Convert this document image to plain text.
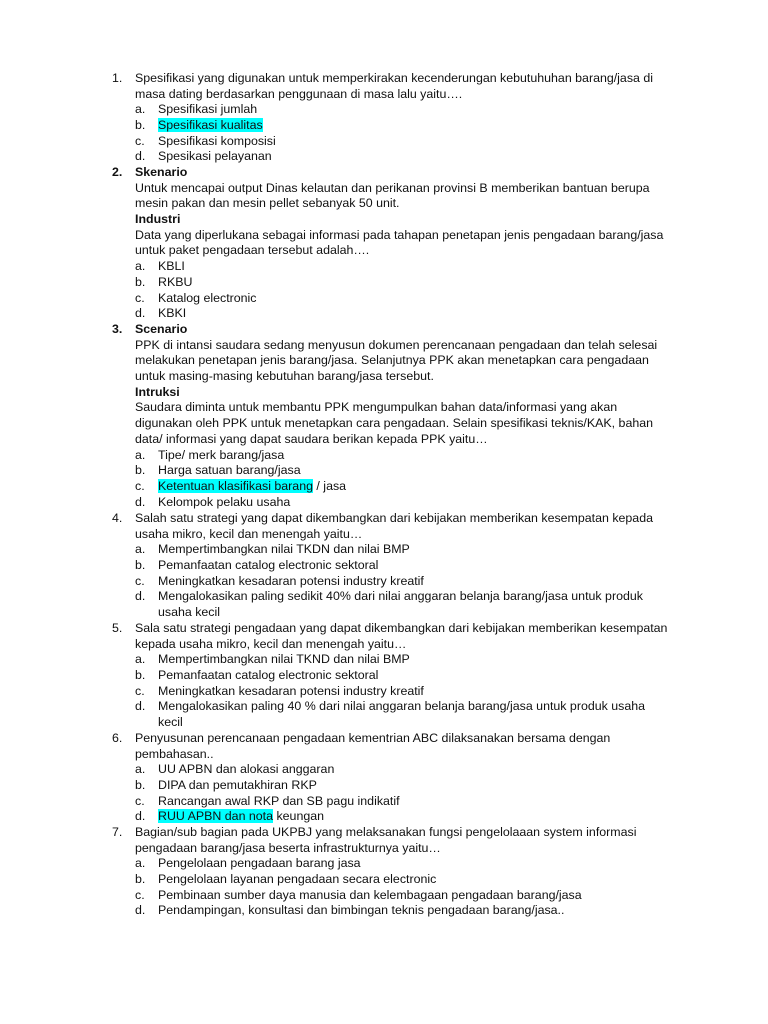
1.	Spesifikasi yang digunakan untuk memperkirakan kecenderungan kebutuhuhan barang/jasa di
masa dating berdasarkan penggunaan di masa lalu yaitu….
a. Spesifikasi jumlah
b. Spesifikasi kualitas
c. Spesifikasi komposisi
d. Spesikasi pelayanan
2.	Skenario
Untuk mencapai output Dinas kelautan dan perikanan provinsi B memberikan bantuan berupa
mesin pakan dan mesin pellet sebanyak 50 unit.
Industri
Data yang diperlukana sebagai informasi pada tahapan penetapan jenis pengadaan barang/jasa
untuk paket pengadaan tersebut adalah….
a. KBLI
b. RKBU
c. Katalog electronic
d. KBKI
3.	Scenario
PPK di intansi saudara sedang menyusun dokumen perencanaan pengadaan dan telah selesai
melakukan penetapan jenis barang/jasa. Selanjutnya PPK akan menetapkan cara pengadaan
untuk masing-masing kebutuhan barang/jasa tersebut.
Intruksi
Saudara diminta untuk membantu PPK mengumpulkan bahan data/informasi yang akan
digunakan oleh PPK untuk menetapkan cara pengadaan. Selain spesifikasi teknis/KAK, bahan
data/ informasi yang dapat saudara berikan kepada PPK yaitu…
a. Tipe/ merk barang/jasa
b. Harga satuan barang/jasa
c. Ketentuan klasifikasi barang / jasa
d. Kelompok pelaku usaha
4.	Salah satu strategi yang dapat dikembangkan dari kebijakan memberikan kesempatan kepada
usaha mikro, kecil dan menengah yaitu…
a. Mempertimbangkan nilai TKDN dan nilai BMP
b. Pemanfaatan catalog electronic sektoral
c. Meningkatkan kesadaran potensi industry kreatif
d. Mengalokasikan paling sedikit 40% dari nilai anggaran belanja barang/jasa untuk produk
usaha kecil
5.	Sala satu strategi pengadaan yang dapat dikembangkan dari kebijakan memberikan kesempatan
kepada usaha mikro, kecil dan menengah yaitu…
a. Mempertimbangkan nilai TKND dan nilai BMP
b. Pemanfaatan catalog electronic sektoral
c. Meningkatkan kesadaran potensi industry kreatif
d. Mengalokasikan paling 40 % dari nilai anggaran belanja barang/jasa untuk produk usaha
kecil
6.	Penyusunan perencanaan pengadaan kementrian ABC dilaksanakan bersama dengan
pembahasan..
a. UU APBN dan alokasi anggaran
b. DIPA dan pemutakhiran RKP
c. Rancangan awal RKP dan SB pagu indikatif
d. RUU APBN dan nota keungan
7.	Bagian/sub bagian pada UKPBJ yang melaksanakan fungsi pengelolaaan system informasi
pengadaan barang/jasa beserta infrastrukturnya yaitu…
a. Pengelolaan pengadaan barang jasa
b. Pengelolaan layanan pengadaan secara electronic
c. Pembinaan sumber daya manusia dan kelembagaan pengadaan barang/jasa
d. Pendampingan, konsultasi dan bimbingan teknis pengadaan barang/jasa..
